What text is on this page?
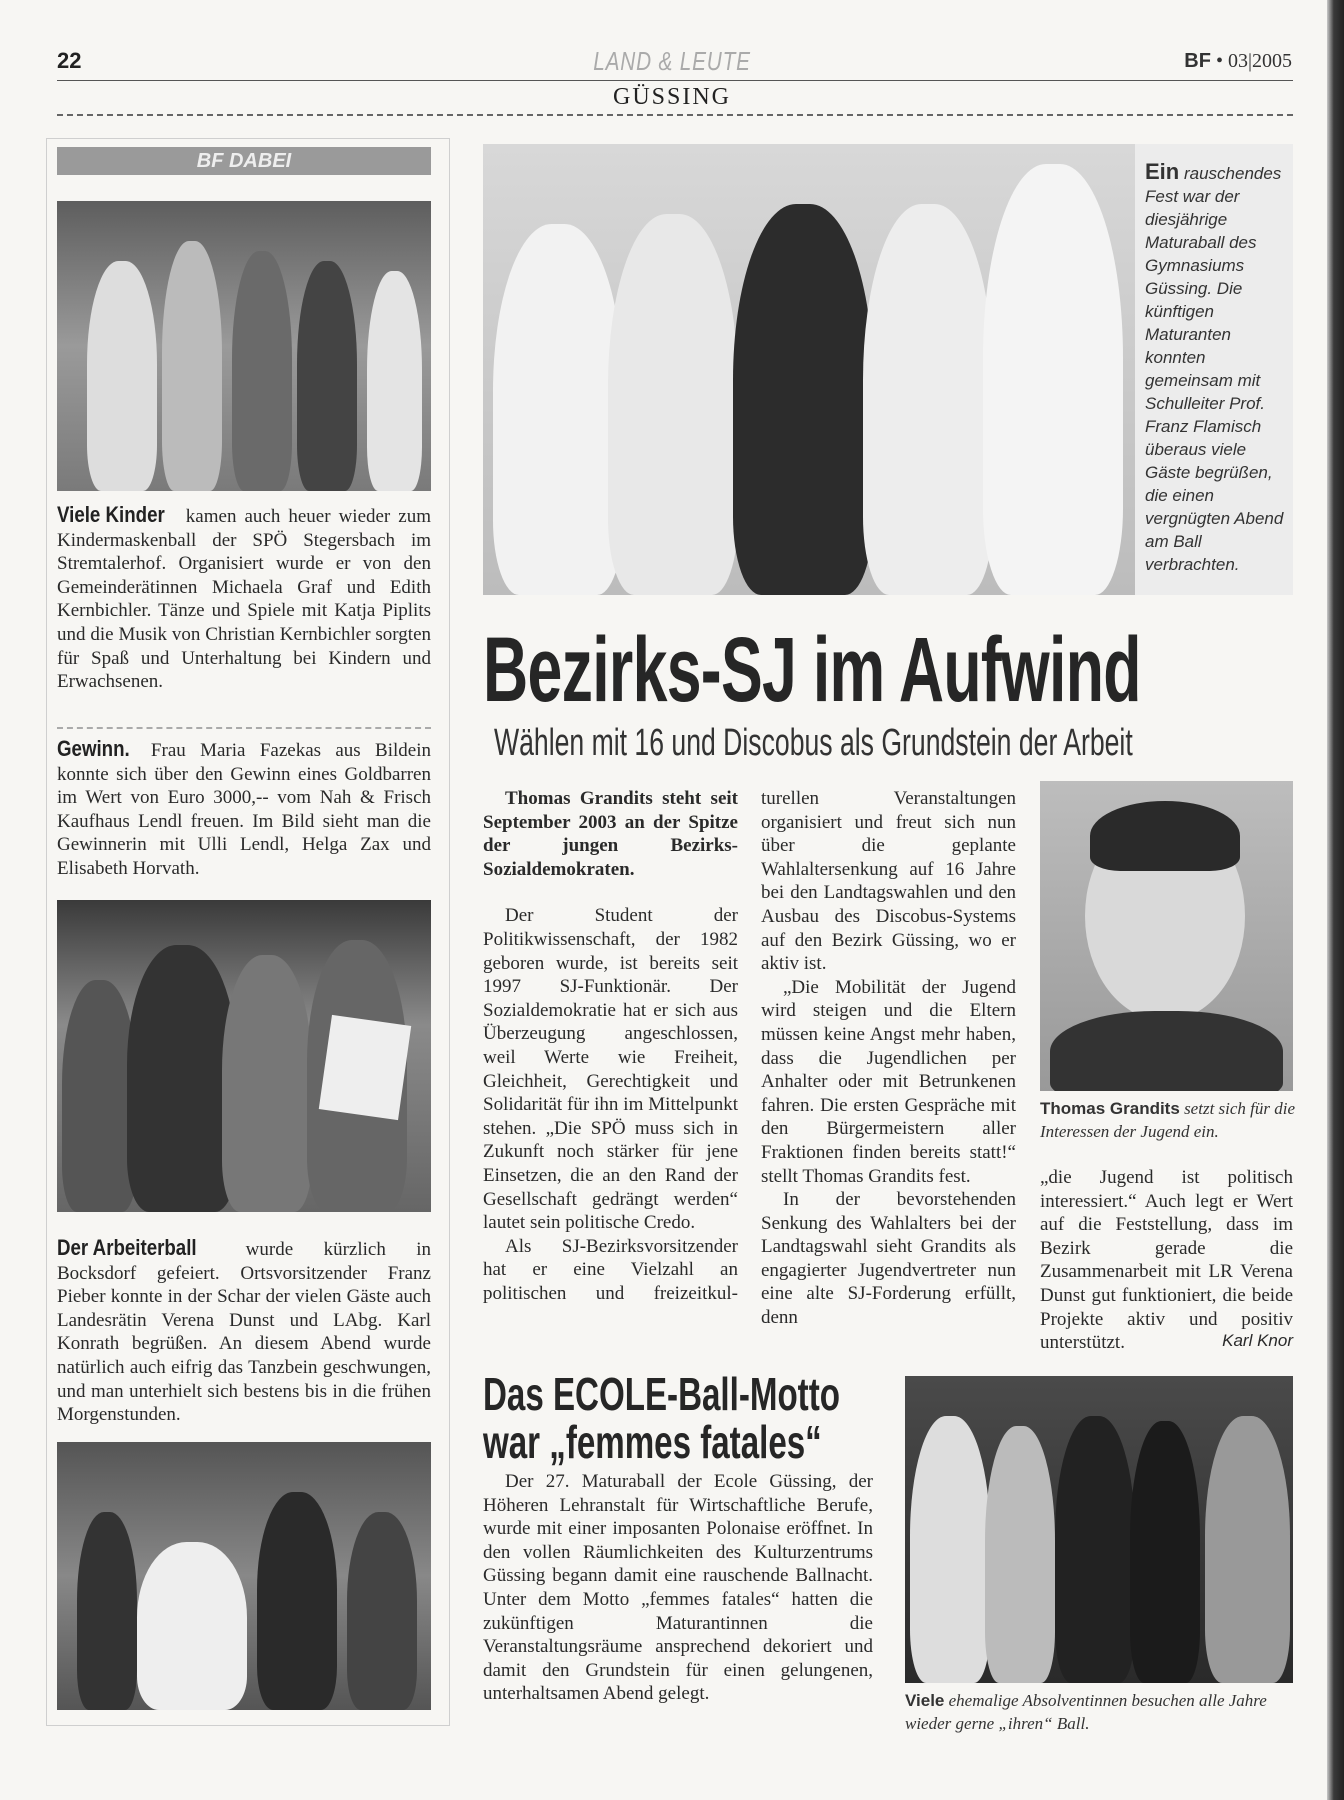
22	LAND & LEUTE	BF • 03|2005
GÜSSING
BF DABEI

Viele Kinder kamen auch heuer wieder zum Kindermaskenball der SPÖ Stegersbach im Stremtalerhof. Organisiert wurde er von den Gemeinderätinnen Michaela Graf und Edith Kernbichler. Tänze und Spiele mit Katja Piplits und die Musik von Christian Kernbichler sorgten für Spaß und Unterhaltung bei Kindern und Erwachsenen.

Gewinn. Frau Maria Fazekas aus Bildein konnte sich über den Gewinn eines Goldbarren im Wert von Euro 3000,-- vom Nah & Frisch Kaufhaus Lendl freuen. Im Bild sieht man die Gewinnerin mit Ulli Lendl, Helga Zax und Elisabeth Horvath.

Der Arbeiterball	wurde kürzlich in Bocksdorf gefeiert. Ortsvorsitzender Franz Pieber konnte in der Schar der vielen Gäste auch Landesrätin Verena Dunst und LAbg. Karl Konrath begrüßen. An diesem Abend wurde natürlich auch eifrig das Tanzbein geschwungen, und man unterhielt sich bestens bis in die frühen Morgenstunden.

Ein rauschendes Fest war der diesjährige Maturaball des Gymnasiums Güssing. Die künftigen Maturanten konnten gemeinsam mit Schulleiter Prof. Franz Flamisch überaus viele Gäste begrüßen, die einen vergnügten Abend am Ball verbrachten.
Bezirks-SJ im Aufwind
Wählen mit 16 und Discobus als Grundstein der Arbeit

Thomas Grandits steht seit September 2003 an der Spitze der jungen Bezirks-Sozialdemokraten.

Der Student der Politikwissenschaft, der 1982 geboren wurde, ist bereits seit 1997 SJ-Funktionär. Der Sozialdemokratie hat er sich aus Überzeugung angeschlossen, weil Werte wie Freiheit, Gleichheit, Gerechtigkeit und Solidarität für ihn im Mittelpunkt stehen. „Die SPÖ muss sich in Zukunft noch stärker für jene Einsetzen, die an den Rand der Gesellschaft gedrängt werden“ lautet sein politische Credo.

Als SJ-Bezirksvorsitzender hat er eine Vielzahl an politischen und freizeitkul-

turellen Veranstaltungen organisiert und freut sich nun über die geplante Wahlaltersenkung auf 16 Jahre bei den Landtagswahlen und den Ausbau des Discobus-Systems auf den Bezirk Güssing, wo er aktiv ist.

„Die Mobilität der Jugend wird steigen und die Eltern müssen keine Angst mehr haben, dass die Jugendlichen per Anhalter oder mit Betrunkenen fahren. Die ersten Gespräche mit den Bürgermeistern aller Fraktionen finden bereits statt!“ stellt Thomas Grandits fest.

In der bevorstehenden Senkung des Wahlalters bei der Landtagswahl sieht Grandits als engagierter Jugendvertreter nun eine alte SJ-Forderung erfüllt, denn

Thomas Grandits setzt sich für die Interessen der Jugend ein.

„die Jugend ist politisch interessiert.“ Auch legt er Wert auf die Feststellung, dass im Bezirk gerade die Zusammenarbeit mit LR Verena Dunst gut funktioniert, die beide Projekte aktiv und positiv unterstützt.	Karl Knor

Das ECOLE-Ball-Motto
war „femmes fatales“

Der 27. Maturaball der Ecole Güssing, der Höheren Lehranstalt für Wirtschaftliche Berufe, wurde mit einer imposanten Polonaise eröffnet. In den vollen Räumlichkeiten des Kulturzentrums Güssing begann damit eine rauschende Ballnacht. Unter dem Motto „femmes fatales“ hatten die zukünftigen Maturantinnen die Veranstaltungsräume ansprechend dekoriert und damit den Grundstein für einen gelungenen, unterhaltsamen Abend gelegt.	Viele ehemalige Absolventinnen besuchen alle Jahre wieder gerne „ihren“ Ball.
